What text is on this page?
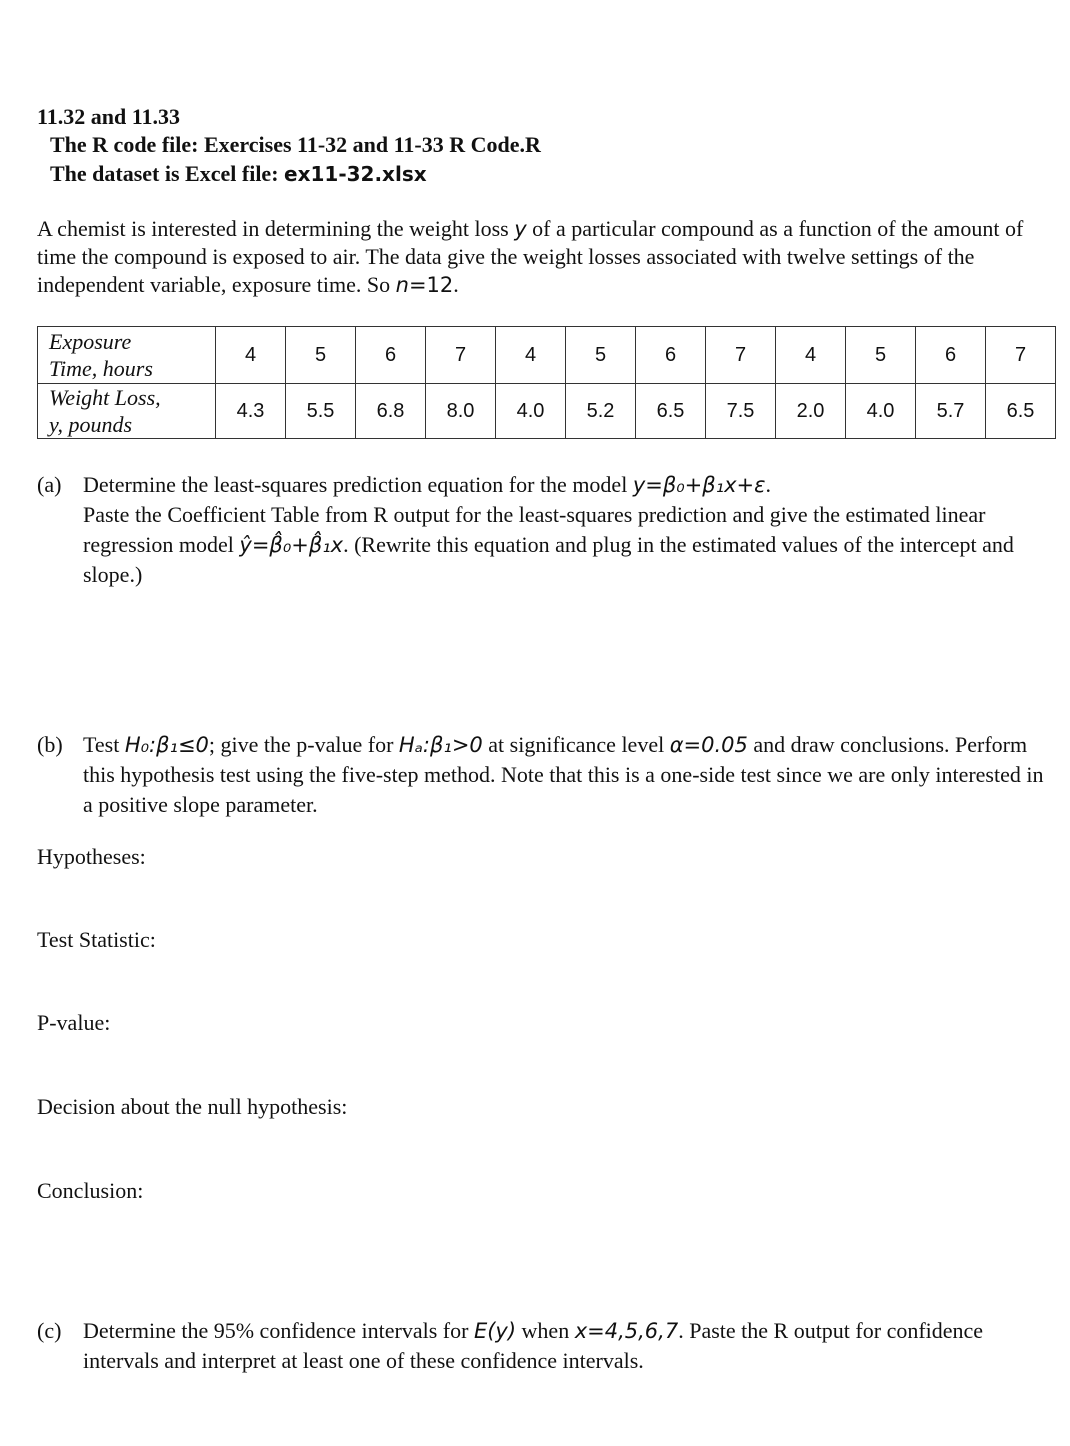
11.32 and 11.33
The R code file: Exercises 11-32 and 11-33 R Code.R
The dataset is Excel file: ex11-32.xlsx
A chemist is interested in determining the weight loss y of a particular compound as a function of the amount of time the compound is exposed to air. The data give the weight losses associated with twelve settings of the independent variable, exposure time. So n=12.
Exposure
Time, hours	4	5	6	7	4	5	6	7	4	5	6	7
Weight Loss,
y, pounds	4.3	5.5	6.8	8.0	4.0	5.2	6.5	7.5	2.0	4.0	5.7	6.5
(a) Determine the least-squares prediction equation for the model y=β₀+β₁x+ε.
Paste the Coefficient Table from R output for the least-squares prediction and give the estimated linear regression model ŷ=β̂₀+β̂₁x. (Rewrite this equation and plug in the estimated values of the intercept and slope.)
(b) Test H₀:β₁≤0; give the p-value for Hₐ:β₁>0 at significance level α=0.05 and draw conclusions. Perform this hypothesis test using the five-step method. Note that this is a one-side test since we are only interested in a positive slope parameter.
Hypotheses:
Test Statistic:
P-value:
Decision about the null hypothesis:
Conclusion:
(c) Determine the 95% confidence intervals for E(y) when x=4,5,6,7. Paste the R output for confidence intervals and interpret at least one of these confidence intervals.
